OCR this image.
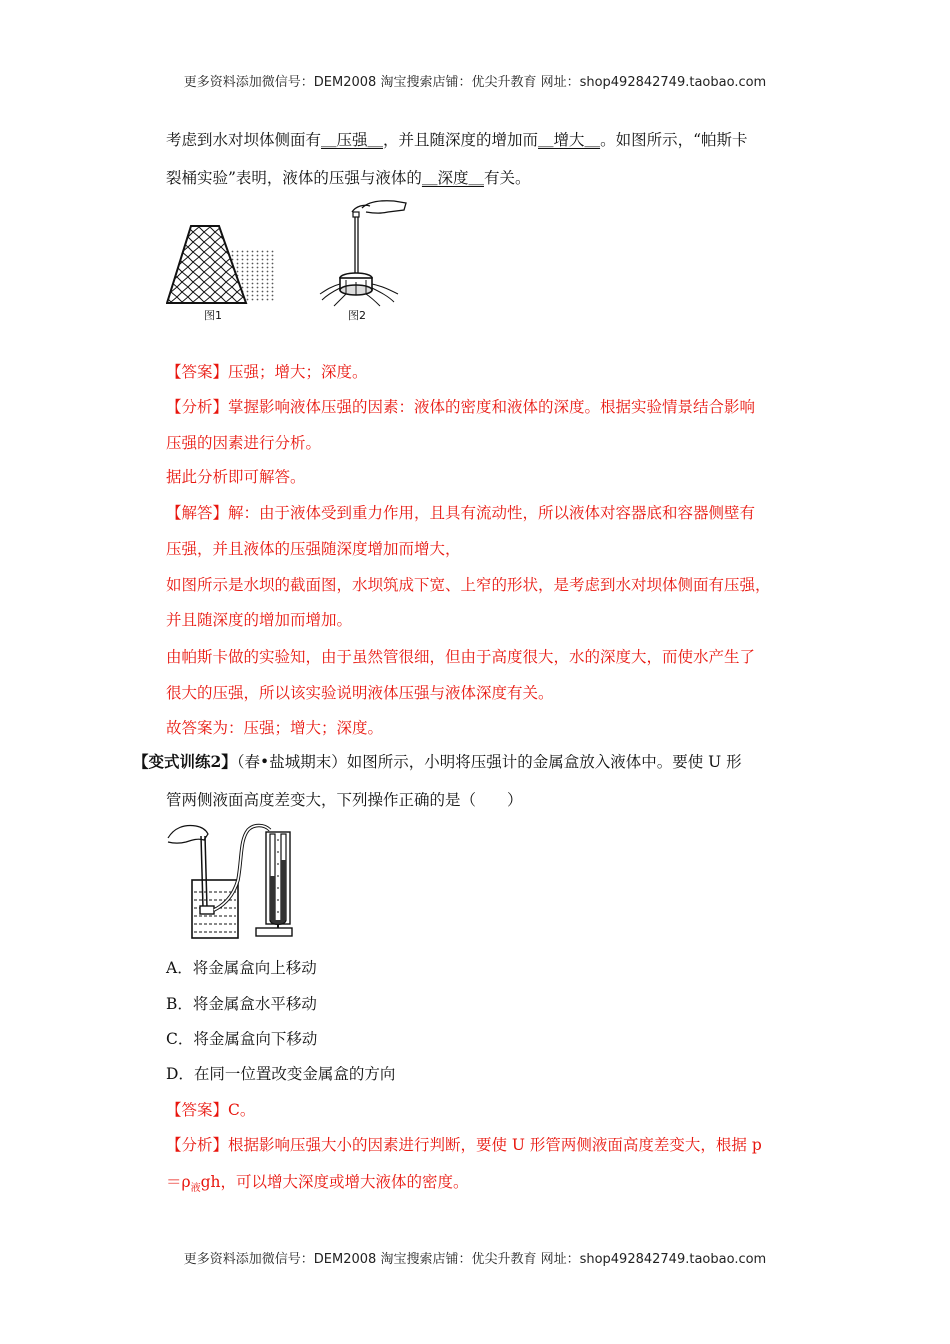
更多资料添加微信号：DEM2008 淘宝搜索店铺：优尖升教育 网址：shop492842749.taobao.com
考虑到水对坝体侧面有＿压强＿，并且随深度的增加而＿增大＿。如图所示，“帕斯卡
裂桶实验”表明，液体的压强与液体的＿深度＿有关。
图1	图2
【答案】压强；增大；深度。
【分析】掌握影响液体压强的因素：液体的密度和液体的深度。根据实验情景结合影响
压强的因素进行分析。
据此分析即可解答。
【解答】解：由于液体受到重力作用，且具有流动性，所以液体对容器底和容器侧壁有
压强，并且液体的压强随深度增加而增大，
如图所示是水坝的截面图，水坝筑成下宽、上窄的形状，是考虑到水对坝体侧面有压强，
并且随深度的增加而增加。
由帕斯卡做的实验知，由于虽然管很细，但由于高度很大，水的深度大，而使水产生了
很大的压强，所以该实验说明液体压强与液体深度有关。
故答案为：压强；增大；深度。
【变式训练2】（春•盐城期末）如图所示，小明将压强计的金属盒放入液体中。要使 U 形
管两侧液面高度差变大，下列操作正确的是（　　）
A．将金属盒向上移动
B．将金属盒水平移动
C．将金属盒向下移动
D．在同一位置改变金属盒的方向
【答案】C。
【分析】根据影响压强大小的因素进行判断，要使 U 形管两侧液面高度差变大，根据 p
$=\rho_液gh$，可以增大深度或增大液体的密度。
更多资料添加微信号：DEM2008 淘宝搜索店铺：优尖升教育 网址：shop492842749.taobao.com
